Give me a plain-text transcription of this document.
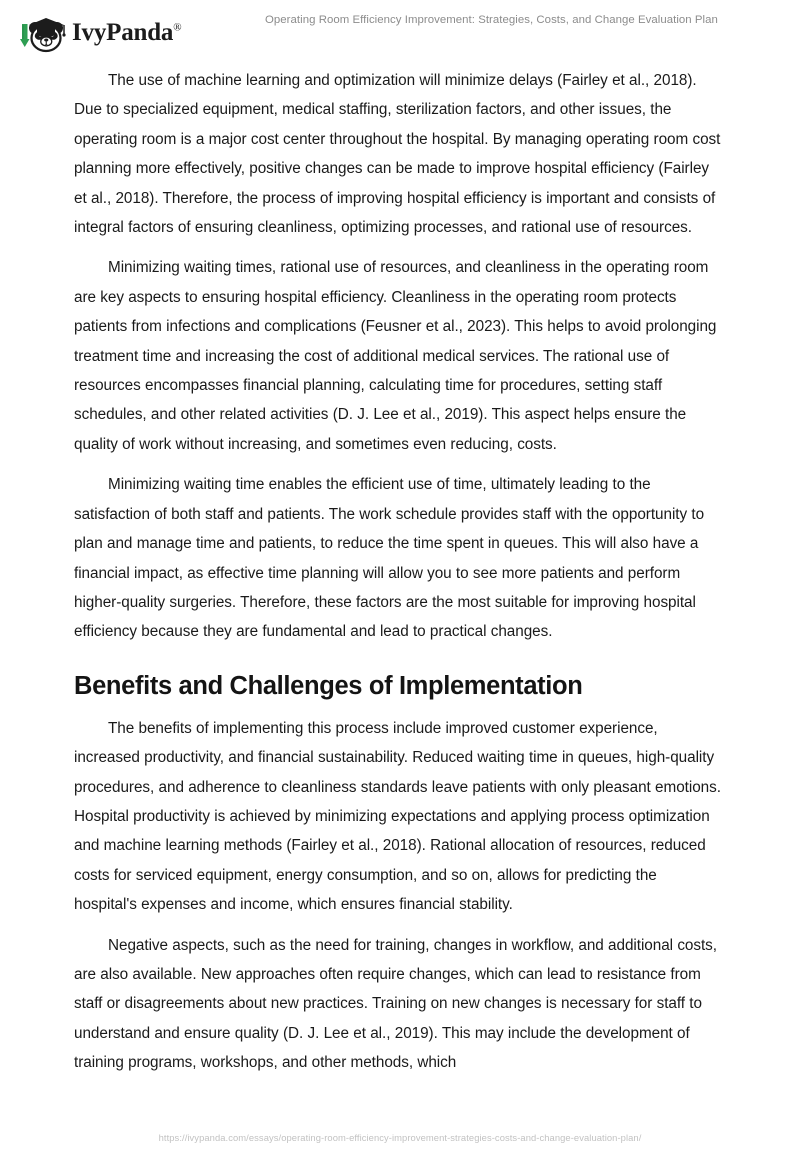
IvyPanda®
Operating Room Efficiency Improvement: Strategies, Costs, and Change Evaluation Plan

The use of machine learning and optimization will minimize delays (Fairley et al., 2018). Due to specialized equipment, medical staffing, sterilization factors, and other issues, the operating room is a major cost center throughout the hospital. By managing operating room cost planning more effectively, positive changes can be made to improve hospital efficiency (Fairley et al., 2018). Therefore, the process of improving hospital efficiency is important and consists of integral factors of ensuring cleanliness, optimizing processes, and rational use of resources.

Minimizing waiting times, rational use of resources, and cleanliness in the operating room are key aspects to ensuring hospital efficiency. Cleanliness in the operating room protects patients from infections and complications (Feusner et al., 2023). This helps to avoid prolonging treatment time and increasing the cost of additional medical services. The rational use of resources encompasses financial planning, calculating time for procedures, setting staff schedules, and other related activities (D. J. Lee et al., 2019). This aspect helps ensure the quality of work without increasing, and sometimes even reducing, costs.

Minimizing waiting time enables the efficient use of time, ultimately leading to the satisfaction of both staff and patients. The work schedule provides staff with the opportunity to plan and manage time and patients, to reduce the time spent in queues. This will also have a financial impact, as effective time planning will allow you to see more patients and perform higher-quality surgeries. Therefore, these factors are the most suitable for improving hospital efficiency because they are fundamental and lead to practical changes.

Benefits and Challenges of Implementation

The benefits of implementing this process include improved customer experience, increased productivity, and financial sustainability. Reduced waiting time in queues, high-quality procedures, and adherence to cleanliness standards leave patients with only pleasant emotions. Hospital productivity is achieved by minimizing expectations and applying process optimization and machine learning methods (Fairley et al., 2018). Rational allocation of resources, reduced costs for serviced equipment, energy consumption, and so on, allows for predicting the hospital's expenses and income, which ensures financial stability.

Negative aspects, such as the need for training, changes in workflow, and additional costs, are also available. New approaches often require changes, which can lead to resistance from staff or disagreements about new practices. Training on new changes is necessary for staff to understand and ensure quality (D. J. Lee et al., 2019). This may include the development of training programs, workshops, and other methods, which

https://ivypanda.com/essays/operating-room-efficiency-improvement-strategies-costs-and-change-evaluation-plan/
